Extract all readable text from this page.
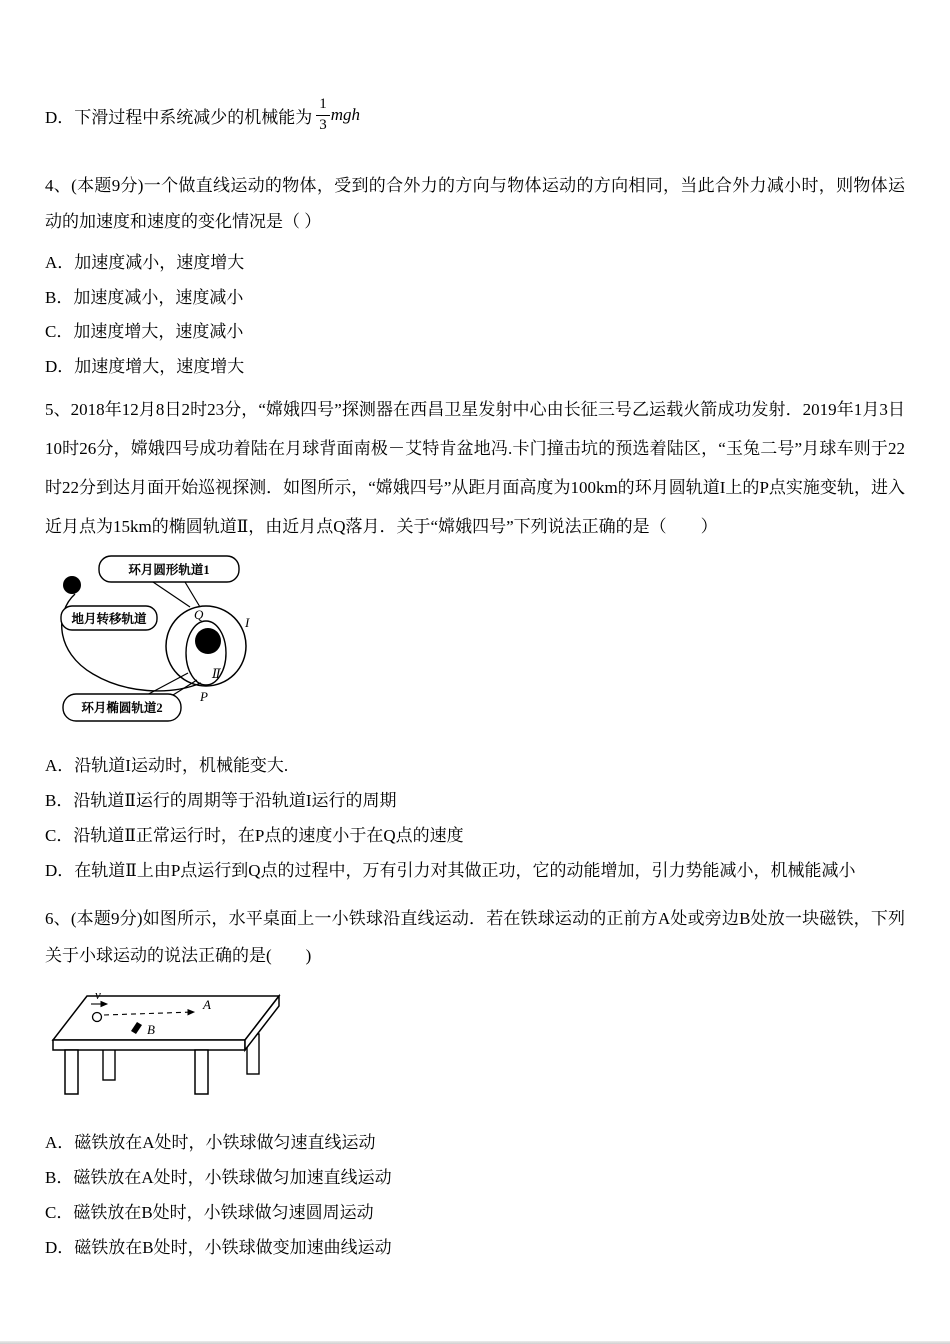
D．下滑过程中系统减少的机械能为 $\frac{1}{3}$ mgh

4、(本题9分)一个做直线运动的物体，受到的合外力的方向与物体运动的方向相同，当此合外力减小时，则物体运动的加速度和速度的变化情况是（ ）

A．加速度减小，速度增大
B．加速度减小，速度减小
C．加速度增大，速度减小
D．加速度增大，速度增大

5、2018年12月8日2时23分，“嫦娥四号”探测器在西昌卫星发射中心由长征三号乙运载火箭成功发射．2019年1月3日10时26分，嫦娥四号成功着陆在月球背面南极－艾特肯盆地冯.卡门撞击坑的预选着陆区，“玉兔二号”月球车则于22时22分到达月面开始巡视探测．如图所示，“嫦娥四号”从距月面高度为100km的环月圆轨道I上的P点实施变轨，进入近月点为15km的椭圆轨道Ⅱ，由近月点Q落月．关于“嫦娥四号”下列说法正确的是（　　）

地月转移轨道
环月圆形轨道1
Q
P
I
Ⅱ
环月椭圆轨道2
A．沿轨道I运动时，机械能变大.
B．沿轨道Ⅱ运行的周期等于沿轨道I运行的周期
C．沿轨道Ⅱ正常运行时，在P点的速度小于在Q点的速度
D．在轨道Ⅱ上由P点运行到Q点的过程中，万有引力对其做正功，它的动能增加，引力势能减小，机械能减小

6、(本题9分)如图所示，水平桌面上一小铁球沿直线运动．若在铁球运动的正前方A处或旁边B处放一块磁铁，下列关于小球运动的说法正确的是(　　)

v
A
B
A．磁铁放在A处时，小铁球做匀速直线运动
B．磁铁放在A处时，小铁球做匀加速直线运动
C．磁铁放在B处时，小铁球做匀速圆周运动
D．磁铁放在B处时，小铁球做变加速曲线运动
